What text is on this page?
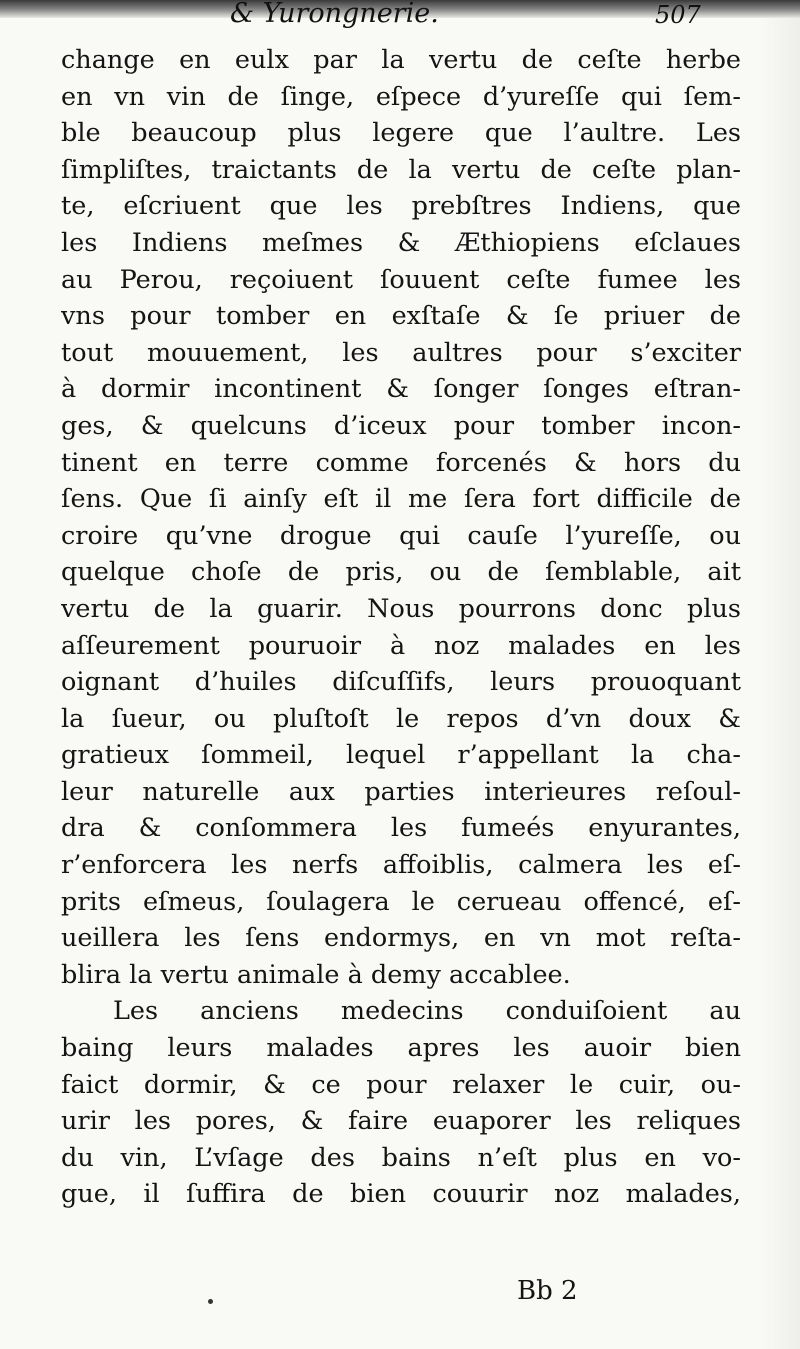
& Yurongnerie.	507
change en eulx par la vertu de ceſte herbe
en vn vin de ſinge, eſpece d’yureſſe qui ſem-
ble beaucoup plus legere que l’aultre. Les
ſimpliſtes, traictants de la vertu de ceſte plan-
te, eſcriuent que les prebſtres Indiens, que
les Indiens meſmes & Æthiopiens eſclaues
au Perou, reçoiuent ſouuent ceſte fumee les
vns pour tomber en exſtaſe & ſe priuer de
tout mouuement, les aultres pour s’exciter
à dormir incontinent & ſonger ſonges eſtran-
ges, & quelcuns d’iceux pour tomber incon-
tinent en terre comme forcenés & hors du
ſens. Que ſi ainſy eſt il me ſera fort difficile de
croire qu’vne drogue qui cauſe l’yureſſe, ou
quelque choſe de pris, ou de ſemblable, ait
vertu de la guarir. Nous pourrons donc plus
aſſeurement pouruoir à noz malades en les
oignant d’huiles diſcuſſifs, leurs prouoquant
la ſueur, ou pluſtoſt le repos d’vn doux &
gratieux ſommeil, lequel r’appellant la cha-
leur naturelle aux parties interieures reſoul-
dra & conſommera les fumeés enyurantes,
r’enforcera les nerfs affoiblis, calmera les eſ-
prits eſmeus, ſoulagera le cerueau offencé, eſ-
ueillera les ſens endormys, en vn mot reſta-
blira la vertu animale à demy accablee.
Les anciens medecins conduiſoient au
baing leurs malades apres les auoir bien
faict dormir, & ce pour relaxer le cuir, ou-
urir les pores, & faire euaporer les reliques
du vin, L’vſage des bains n’eſt plus en vo-
gue, il ſuffira de bien couurir noz malades,
Bb 2
